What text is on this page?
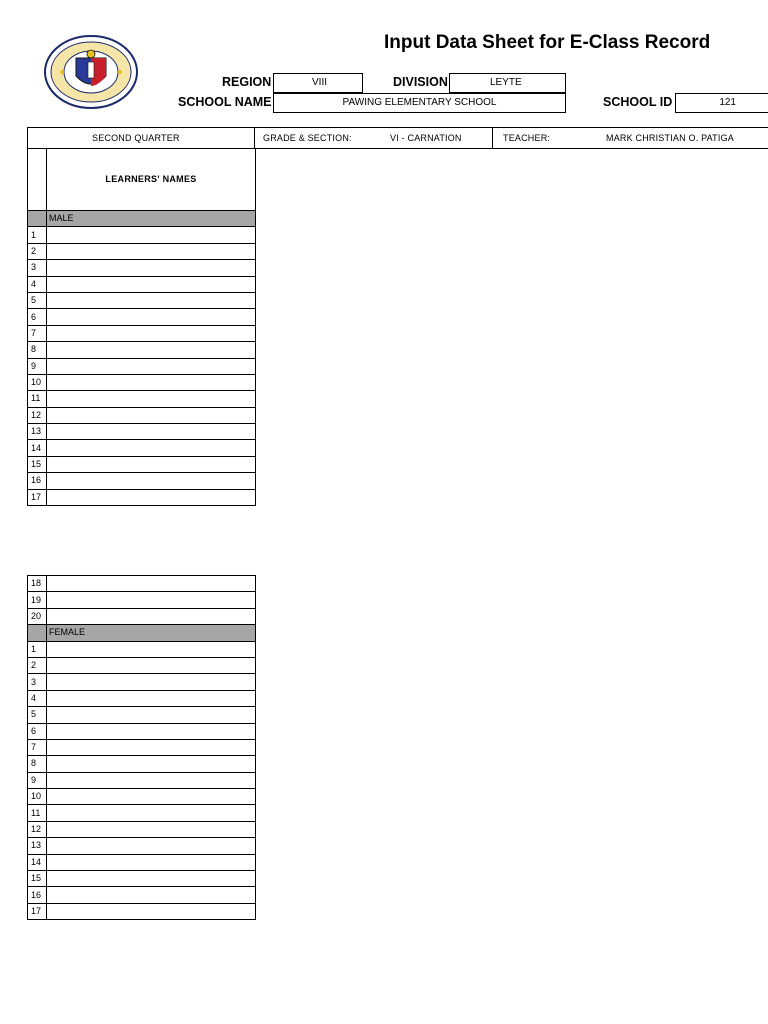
Input Data Sheet for E-Class Record
REGION	VIII	DIVISION	LEYTE
SCHOOL NAME	PAWING ELEMENTARY SCHOOL	SCHOOL ID	121
SECOND QUARTER	GRADE & SECTION:	VI - CARNATION	TEACHER:	MARK CHRISTIAN O. PATIGA
	LEARNERS' NAMES
	MALE
1	
2	
3	
4	
5	
6	
7	
8	
9	
10	
11	
12	
13	
14	
15	
16	
17	
18	
19	
20	
	FEMALE
1	
2	
3	
4	
5	
6	
7	
8	
9	
10	
11	
12	
13	
14	
15	
16	
17	
